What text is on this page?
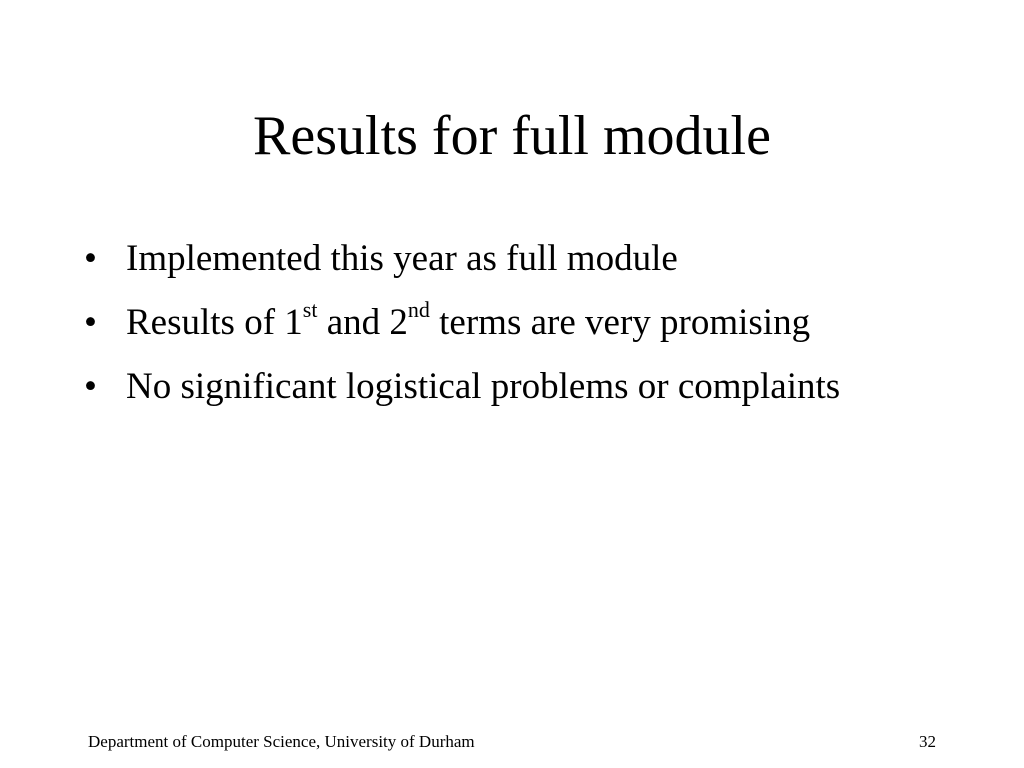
Results for full module
• Implemented this year as full module
• Results of 1st and 2nd terms are very promising
• No significant logistical problems or complaints
Department of Computer Science, University of Durham	32
